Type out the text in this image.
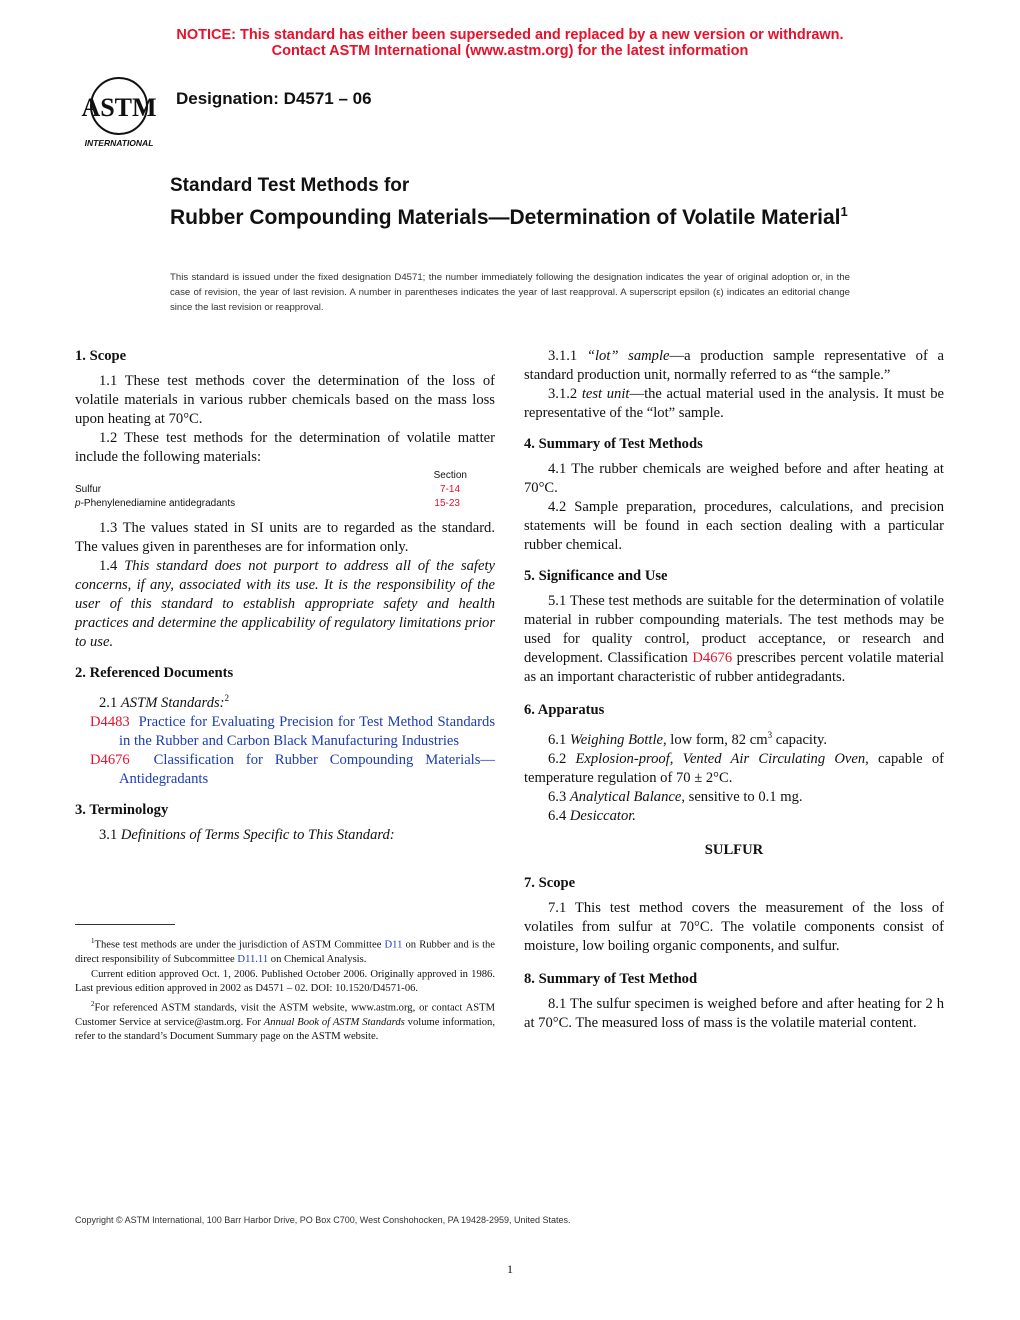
NOTICE: This standard has either been superseded and replaced by a new version or withdrawn.
Contact ASTM International (www.astm.org) for the latest information
ASTM
INTERNATIONAL
Designation: D4571 – 06
Standard Test Methods for
Rubber Compounding Materials—Determination of Volatile Material$^1$
This standard is issued under the fixed designation D4571; the number immediately following the designation indicates the year of original adoption or, in the case of revision, the year of last revision. A number in parentheses indicates the year of last reapproval. A superscript epsilon (ε) indicates an editorial change since the last revision or reapproval.

1. Scope

1.1 These test methods cover the determination of the loss of volatile materials in various rubber chemicals based on the mass loss upon heating at 70°C.

1.2 These test methods for the determination of volatile matter include the following materials:

Section
Sulfur	7-14
p-Phenylenediamine antidegradants	15-23

1.3 The values stated in SI units are to regarded as the standard. The values given in parentheses are for information only.

1.4 This standard does not purport to address all of the safety concerns, if any, associated with its use. It is the responsibility of the user of this standard to establish appropriate safety and health practices and determine the applicability of regulatory limitations prior to use.

2. Referenced Documents

2.1 ASTM Standards:$^2$

D4483 Practice for Evaluating Precision for Test Method Standards in the Rubber and Carbon Black Manufacturing Industries

D4676 Classification for Rubber Compounding Materials—Antidegradants

3. Terminology

3.1 Definitions of Terms Specific to This Standard:

$^1$These test methods are under the jurisdiction of ASTM Committee D11 on Rubber and is the direct responsibility of Subcommittee D11.11 on Chemical Analysis.

Current edition approved Oct. 1, 2006. Published October 2006. Originally approved in 1986. Last previous edition approved in 2002 as D4571 – 02. DOI: 10.1520/D4571-06.

$^2$For referenced ASTM standards, visit the ASTM website, www.astm.org, or contact ASTM Customer Service at service@astm.org. For Annual Book of ASTM Standards volume information, refer to the standard’s Document Summary page on the ASTM website.

3.1.1 “lot” sample—a production sample representative of a standard production unit, normally referred to as “the sample.”

3.1.2 test unit—the actual material used in the analysis. It must be representative of the “lot” sample.

4. Summary of Test Methods

4.1 The rubber chemicals are weighed before and after heating at 70°C.

4.2 Sample preparation, procedures, calculations, and precision statements will be found in each section dealing with a particular rubber chemical.

5. Significance and Use

5.1 These test methods are suitable for the determination of volatile material in rubber compounding materials. The test methods may be used for quality control, product acceptance, or research and development. Classification D4676 prescribes percent volatile material as an important characteristic of rubber antidegradants.

6. Apparatus

6.1 Weighing Bottle, low form, 82 $cm^3$ capacity.

6.2 Explosion-proof, Vented Air Circulating Oven, capable of temperature regulation of 70 ± 2°C.

6.3 Analytical Balance, sensitive to 0.1 mg.

6.4 Desiccator.

SULFUR

7. Scope

7.1 This test method covers the measurement of the loss of volatiles from sulfur at 70°C. The volatile components consist of moisture, low boiling organic components, and sulfur.

8. Summary of Test Method

8.1 The sulfur specimen is weighed before and after heating for 2 h at 70°C. The measured loss of mass is the volatile material content.

Copyright © ASTM International, 100 Barr Harbor Drive, PO Box C700, West Conshohocken, PA 19428-2959, United States.
1
